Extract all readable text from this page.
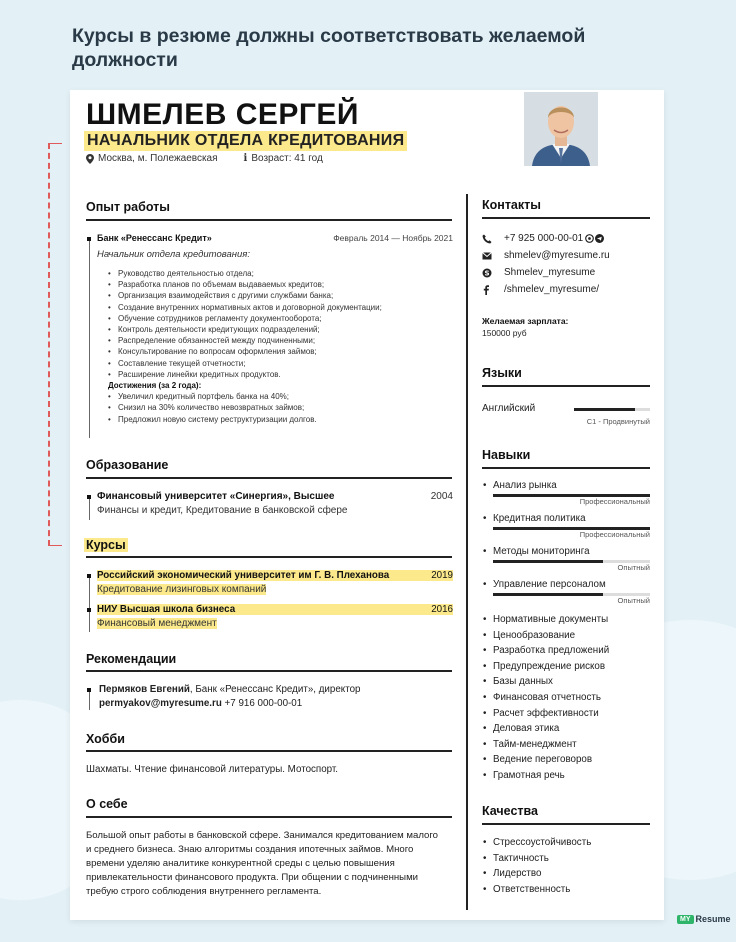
Курсы в резюме должны соответствовать желаемой должности
ШМЕЛЕВ СЕРГЕЙ
НАЧАЛЬНИК ОТДЕЛА КРЕДИТОВАНИЯ
Москва, м. Полежаевская	i Возраст: 41 год
Опыт работы
Банк «Ренессанс Кредит»	Февраль 2014 — Ноябрь 2021
Начальник отдела кредитования:
• Руководство деятельностью отдела;
• Разработка планов по объемам выдаваемых кредитов;
• Организация взаимодействия с другими службами банка;
• Создание внутренних нормативных актов и договорной документации;
• Обучение сотрудников регламенту документооборота;
• Контроль деятельности кредитующих подразделений;
• Распределение обязанностей между подчиненными;
• Консультирование по вопросам оформления займов;
• Составление текущей отчетности;
• Расширение линейки кредитных продуктов.
Достижения (за 2 года):
• Увеличил кредитный портфель банка на 40%;
• Снизил на 30% количество невозвратных займов;
• Предложил новую систему реструктуризации долгов.
Образование
Финансовый университет «Синергия», Высшее	2004
Финансы и кредит, Кредитование в банковской сфере
Курсы
Российский экономический университет им Г. В. Плеханова	2019
Кредитование лизинговых компаний
НИУ Высшая школа бизнеса	2016
Финансовый менеджмент
Рекомендации
Пермяков Евгений, Банк «Ренессанс Кредит», директор
permyakov@myresume.ru +7 916 000-00-01
Хобби
Шахматы. Чтение финансовой литературы. Мотоспорт.
О себе
Большой опыт работы в банковской сфере. Занимался кредитованием малого и среднего бизнеса. Знаю алгоритмы создания ипотечных займов. Много времени уделяю аналитике конкурентной среды с целью повышения привлекательности финансового продукта. При общении с подчиненными требую строго соблюдения внутреннего регламента.
Контакты
+7 925 000-00-01
shmelev@myresume.ru
S Shmelev_myresume
/shmelev_myresume/
Желаемая зарплата:
150000 руб
Языки
Английский
C1 - Продвинутый
Навыки
• Анализ рынка
Профессиональный
• Кредитная политика
Профессиональный
• Методы мониторинга
Опытный
• Управление персоналом
Опытный
• Нормативные документы
• Ценообразование
• Разработка предложений
• Предупреждение рисков
• Базы данных
• Финансовая отчетность
• Расчет эффективности
• Деловая этика
• Тайм-менеджмент
• Ведение переговоров
• Грамотная речь
Качества
• Стрессоустойчивость
• Тактичность
• Лидерство
• Ответственность
MY Resume
